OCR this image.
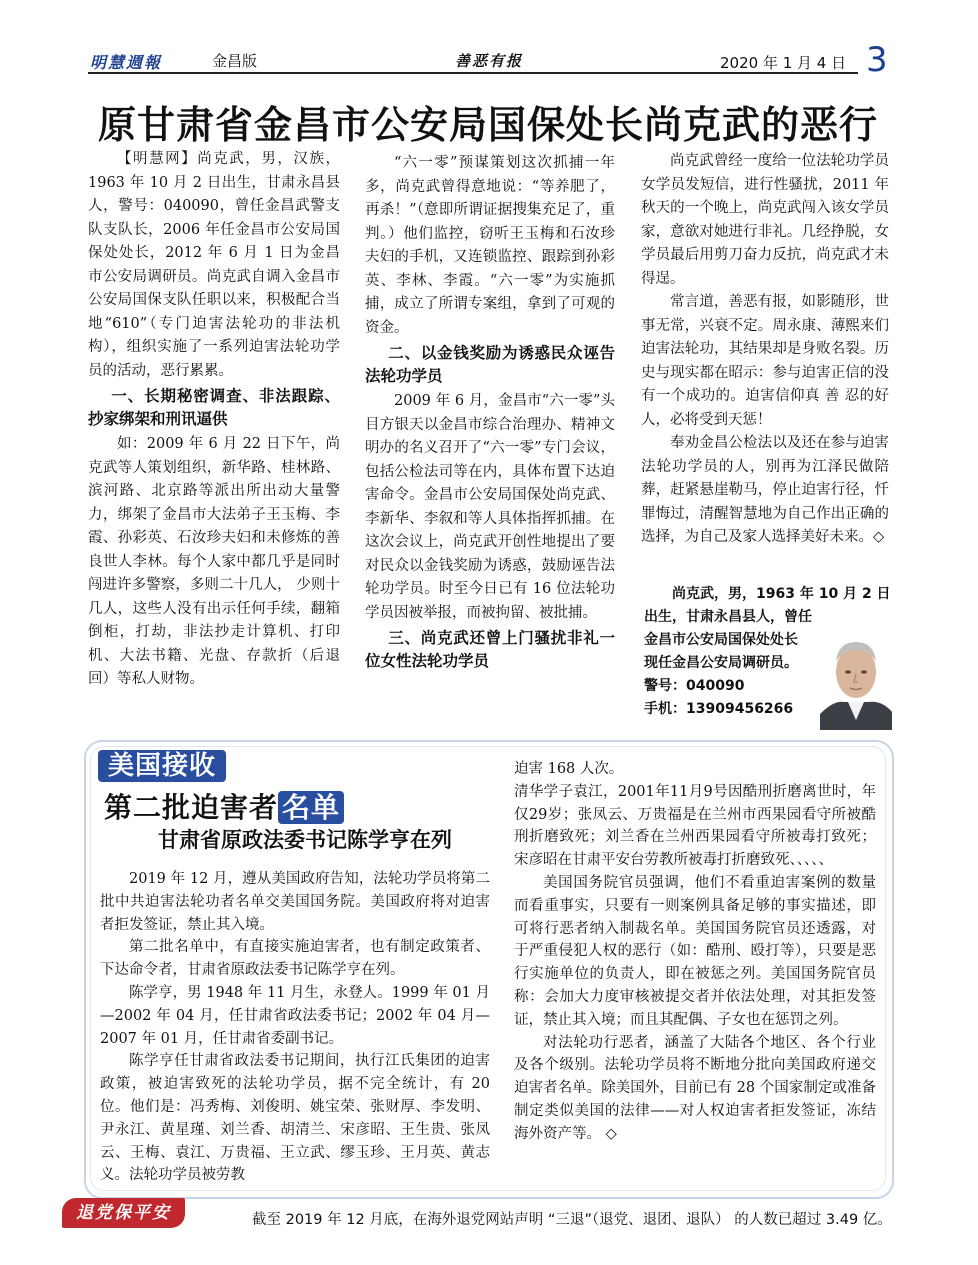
明慧週報	金昌版	善恶有报	2020 年 1 月 4 日 3
原甘肃省金昌市公安局国保处长尚克武的恶行

【明慧网】尚克武，男，汉族，1963 年 10 月 2 日出生，甘肃永昌县人，警号：040090，曾任金昌武警支队支队长，2006 年任金昌市公安局国保处处长，2012 年 6 月 1 日为金昌市公安局调研员。尚克武自调入金昌市公安局国保支队任职以来，积极配合当地“610”（专门迫害法轮功的非法机构），组织实施了一系列迫害法轮功学员的活动，恶行累累。

一、长期秘密调查、非法跟踪、抄家绑架和刑讯逼供

如：2009 年 6 月 22 日下午，尚克武等人策划组织，新华路、桂林路、滨河路、北京路等派出所出动大量警力，绑架了金昌市大法弟子王玉梅、李霞、孙彩英、石汝珍夫妇和未修炼的善良世人李林。每个人家中都几乎是同时闯进许多警察，多则二十几人， 少则十几人，这些人没有出示任何手续，翻箱倒柜，打劫，非法抄走计算机、打印机、大法书籍、光盘、存款折（后退回）等私人财物。

“六一零”预谋策划这次抓捕一年多，尚克武曾得意地说：“等养肥了， 再杀！”（意即所谓证据搜集充足了，重判。）他们监控，窃听王玉梅和石汝珍夫妇的手机，又连锁监控、跟踪到孙彩英、李林、李霞。“六一零”为实施抓捕，成立了所谓专案组，拿到了可观的资金。

二、以金钱奖励为诱惑民众诬告法轮功学员

2009 年 6 月，金昌市“六一零”头目方银天以金昌市综合治理办、精神文明办的名义召开了“六一零”专门会议，包括公检法司等在内，具体布置下达迫害命令。金昌市公安局国保处尚克武、李新华、李叙和等人具体指挥抓捕。在这次会议上，尚克武开创性地提出了要对民众以金钱奖励为诱惑，鼓励诬告法轮功学员。时至今日已有 16 位法轮功学员因被举报，而被拘留、被批捕。

三、尚克武还曾上门骚扰非礼一位女性法轮功学员

尚克武曾经一度给一位法轮功学员女学员发短信，进行性骚扰，2011 年秋天的一个晚上，尚克武闯入该女学员家，意欲对她进行非礼。几经挣脱，女学员最后用剪刀奋力反抗，尚克武才未得逞。

常言道，善恶有报，如影随形，世事无常，兴衰不定。周永康、薄熙来们迫害法轮功，其结果却是身败名裂。历史与现实都在昭示：参与迫害正信的没有一个成功的。迫害信仰真 善 忍的好人，必将受到天惩！

奉劝金昌公检法以及还在参与迫害法轮功学员的人，别再为江泽民做陪葬，赶紧悬崖勒马，停止迫害行径，忏罪悔过，清醒智慧地为自己作出正确的选择，为自己及家人选择美好未来。◇

尚克武，男，1963 年 10 月 2 日
出生，甘肃永昌县人，曾任
金昌市公安局国保处处长
现任金昌公安局调研员。
警号：040090
手机：13909456266
美国接收
第二批迫害者 名单
甘肃省原政法委书记陈学亨在列

2019 年 12 月，遵从美国政府告知，法轮功学员将第二批中共迫害法轮功者名单交美国国务院。美国政府将对迫害者拒发签证，禁止其入境。

第二批名单中，有直接实施迫害者，也有制定政策者、下达命令者，甘肃省原政法委书记陈学亨在列。

陈学亨，男 1948 年 11 月生，永登人。1999 年 01 月—2002 年 04 月，任甘肃省政法委书记；2002 年 04 月—2007 年 01 月，任甘肃省委副书记。

陈学亨任甘肃省政法委书记期间，执行江氏集团的迫害政策，被迫害致死的法轮功学员，据不完全统计，有 20 位。他们是：冯秀梅、刘俊明、姚宝荣、张财厚、李发明、尹永江、黄星瑾、刘兰香、胡清兰、宋彦昭、王生贵、张凤云、王梅、袁江、万贵福、王立武、缪玉珍、王月英、黄志义。法轮功学员被劳教

迫害 168 人次。

清华学子袁江，2001年11月9号因酷刑折磨离世时，年仅29岁；张凤云、万贵福是在兰州市西果园看守所被酷刑折磨致死；刘兰香在兰州西果园看守所被毒打致死；宋彦昭在甘肃平安台劳教所被毒打折磨致死、、、、、

美国国务院官员强调，他们不看重迫害案例的数量而看重事实，只要有一则案例具备足够的事实描述，即可将行恶者纳入制裁名单。美国国务院官员还透露，对于严重侵犯人权的恶行（如：酷刑、殴打等），只要是恶行实施单位的负责人，即在被惩之列。美国国务院官员称：会加大力度审核被提交者并依法处理，对其拒发签证，禁止其入境；而且其配偶、子女也在惩罚之列。

对法轮功行恶者，涵盖了大陆各个地区、各个行业及各个级别。法轮功学员将不断地分批向美国政府递交迫害者名单。除美国外，目前已有 28 个国家制定或准备制定类似美国的法律——对人权迫害者拒发签证，冻结海外资产等。 ◇

退党保平安	截至 2019 年 12 月底，在海外退党网站声明 “三退”（退党、退团、退队） 的人数已超过 3.49 亿。
